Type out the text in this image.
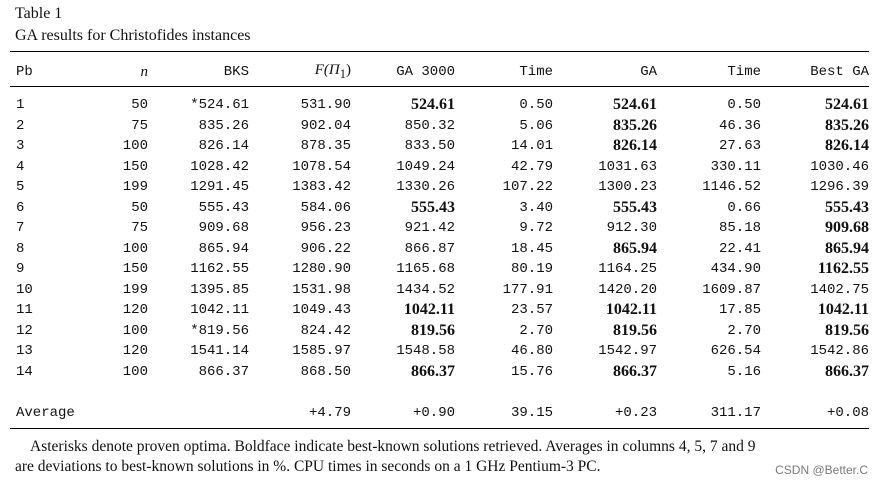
Table 1
GA results for Christofides instances
Pb	n	BKS	$F(\Pi_1)$	GA 3000	Time	GA	Time	Best GA
1	50	*524.61	531.90	524.61	0.50	524.61	0.50	524.61
2	75	835.26	902.04	850.32	5.06	835.26	46.36	835.26
3	100	826.14	878.35	833.50	14.01	826.14	27.63	826.14
4	150	1028.42	1078.54	1049.24	42.79	1031.63	330.11	1030.46
5	199	1291.45	1383.42	1330.26	107.22	1300.23	1146.52	1296.39
6	50	555.43	584.06	555.43	3.40	555.43	0.66	555.43
7	75	909.68	956.23	921.42	9.72	912.30	85.18	909.68
8	100	865.94	906.22	866.87	18.45	865.94	22.41	865.94
9	150	1162.55	1280.90	1165.68	80.19	1164.25	434.90	1162.55
10	199	1395.85	1531.98	1434.52	177.91	1420.20	1609.87	1402.75
11	120	1042.11	1049.43	1042.11	23.57	1042.11	17.85	1042.11
12	100	*819.56	824.42	819.56	2.70	819.56	2.70	819.56
13	120	1541.14	1585.97	1548.58	46.80	1542.97	626.54	1542.86
14	100	866.37	868.50	866.37	15.76	866.37	5.16	866.37
Average			+4.79	+0.90	39.15	+0.23	311.17	+0.08
Asterisks denote proven optima. Boldface indicate best-known solutions retrieved. Averages in columns 4, 5, 7 and 9
are deviations to best-known solutions in %. CPU times in seconds on a 1 GHz Pentium-3 PC.	CSDN @Better.C
